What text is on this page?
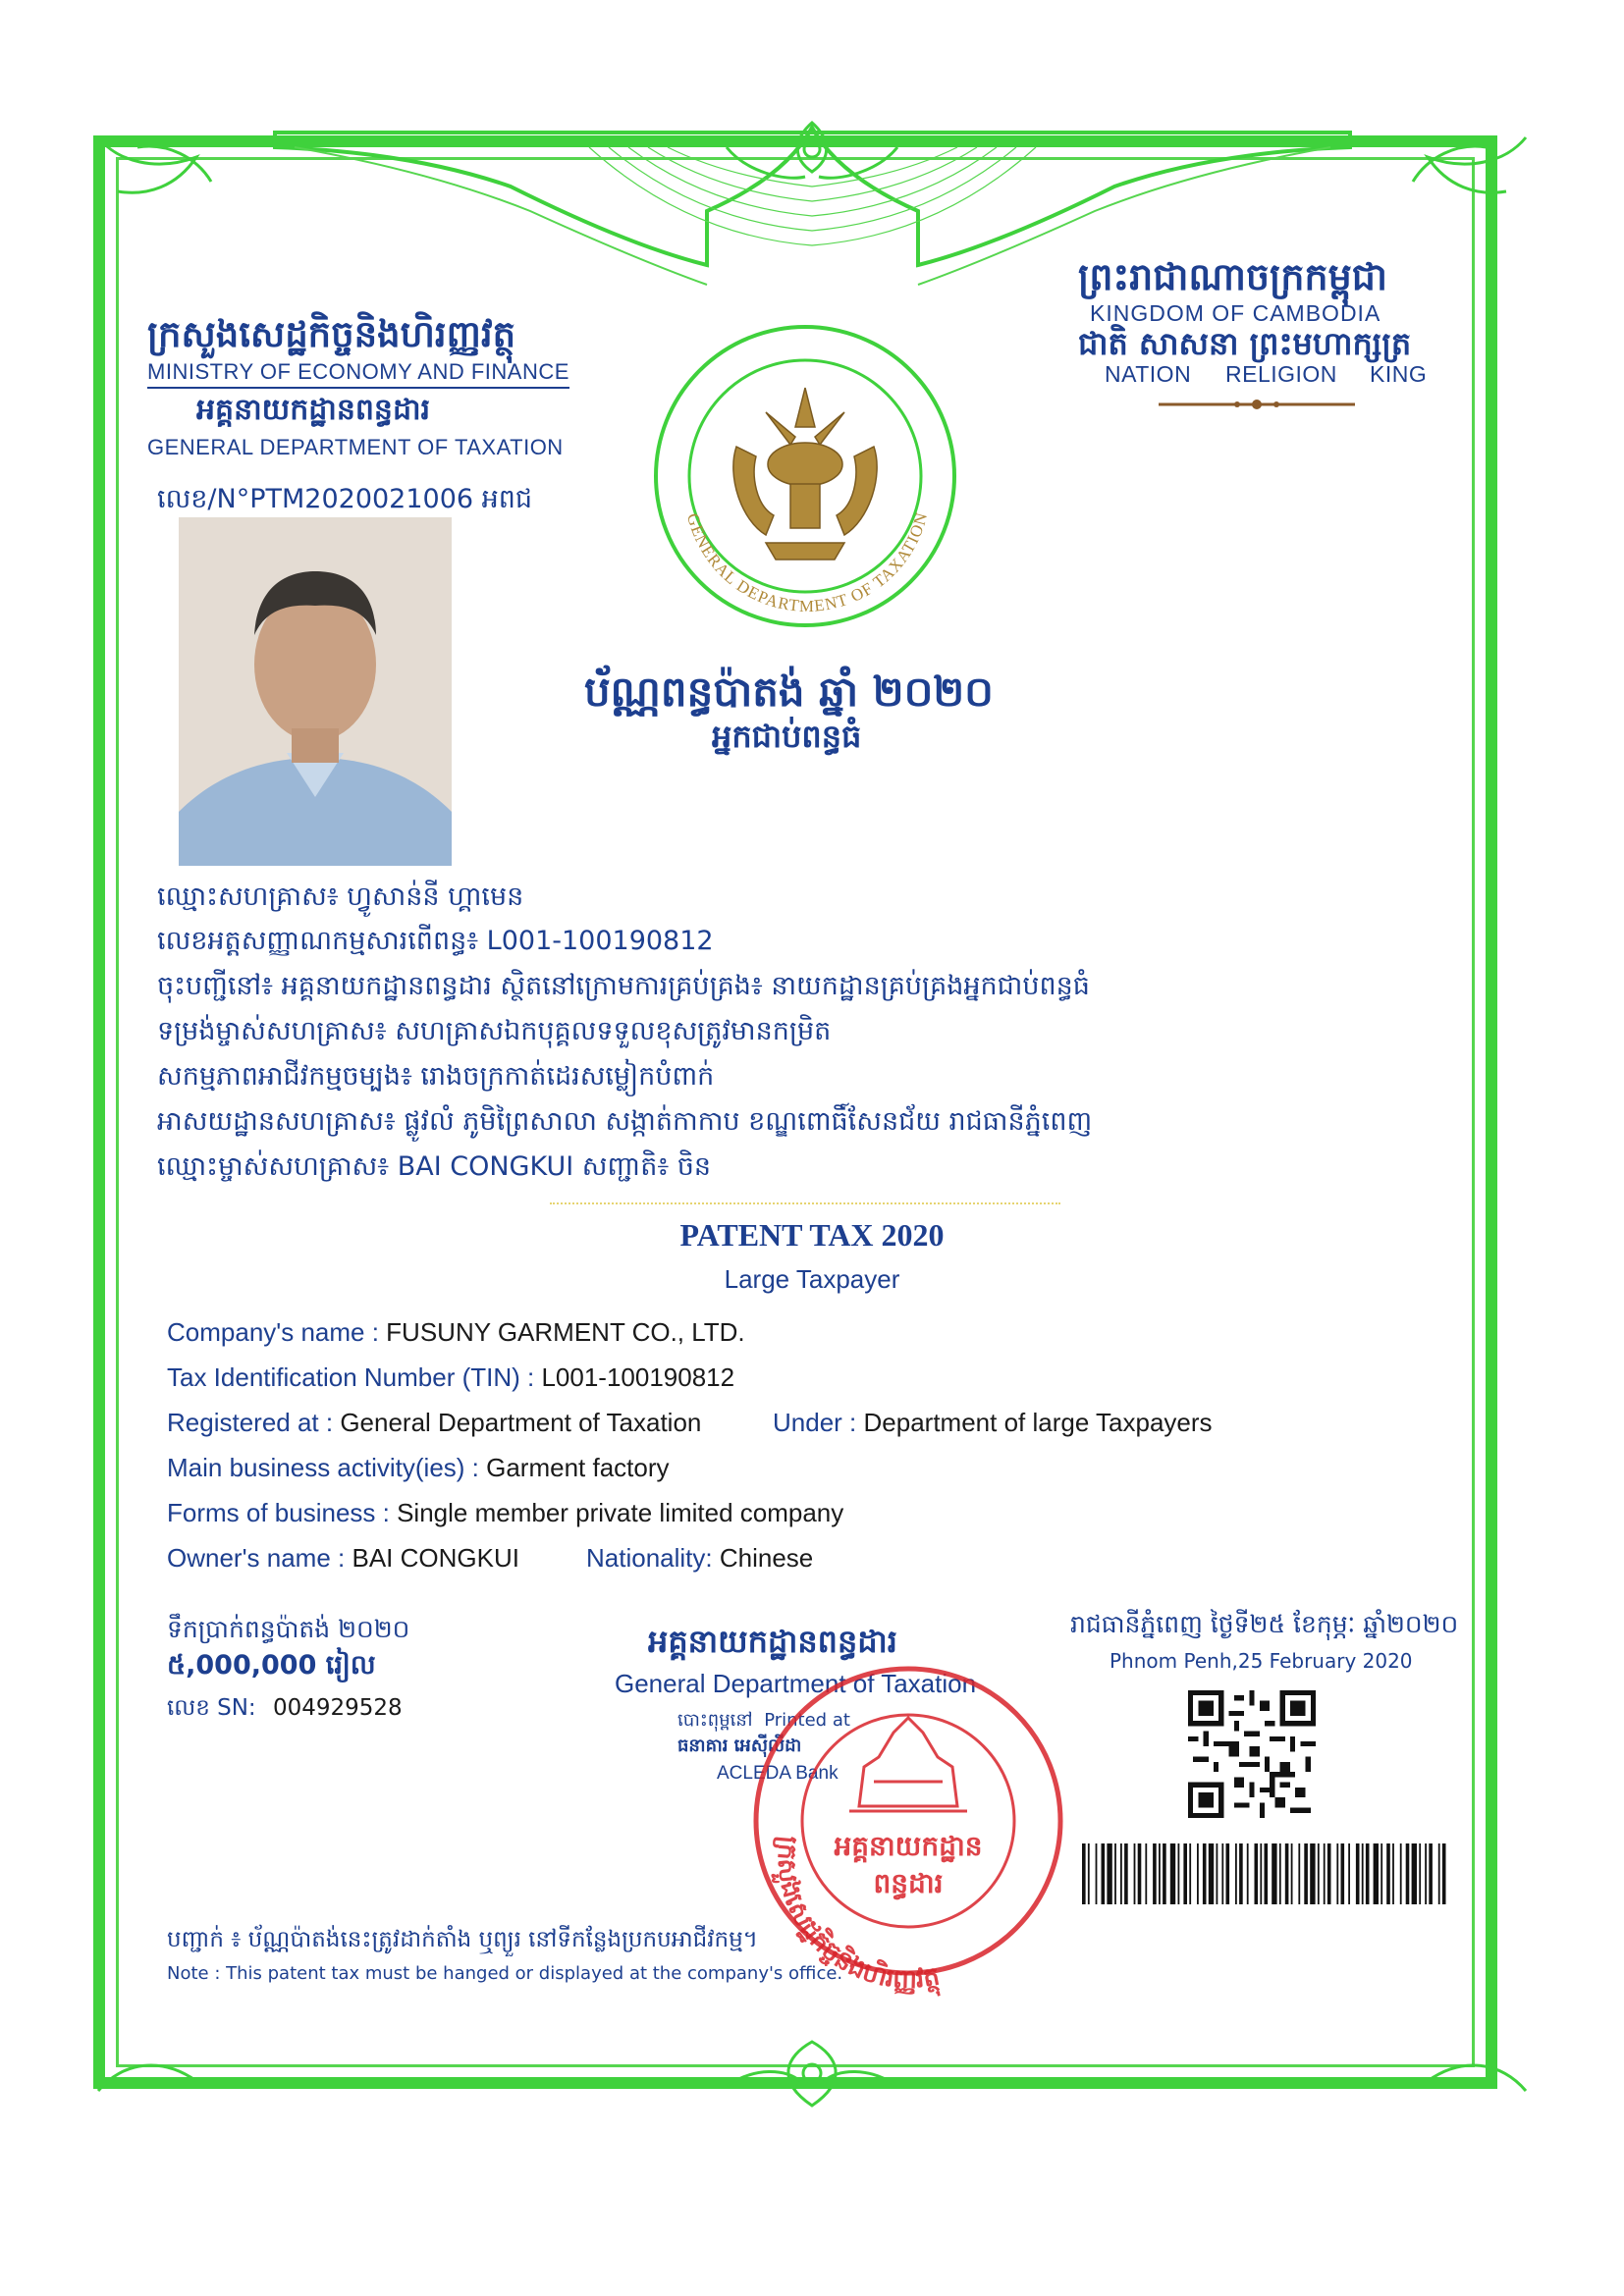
ក្រសួងសេដ្ឋកិច្ចនិងហិរញ្ញវត្ថុ
MINISTRY OF ECONOMY AND FINANCE
អគ្គនាយកដ្ឋានពន្ធដារ
GENERAL DEPARTMENT OF TAXATION
ព្រះរាជាណាចក្រកម្ពុជា
KINGDOM OF CAMBODIA
ជាតិ សាសនា ព្រះមហាក្សត្រ
NATION RELIGION KING
GENERAL DEPARTMENT OF TAXATION
លេខ/N°PTM2020021006 អពជ
ប័ណ្ណពន្ធប៉ាតង់ ឆ្នាំ ២០២០
អ្នកជាប់ពន្ធធំ
ឈ្មោះសហគ្រាស៖ ហ្វូសាន់នី ហ្គាមេន
លេខអត្តសញ្ញាណកម្មសារពើពន្ធ៖ L001-100190812
ចុះបញ្ជីនៅ៖ អគ្គនាយកដ្ឋានពន្ធដារ ស្ថិតនៅក្រោមការគ្រប់គ្រង៖ នាយកដ្ឋានគ្រប់គ្រងអ្នកជាប់ពន្ធធំ
ទម្រង់ម្ចាស់សហគ្រាស៖ សហគ្រាសឯកបុគ្គលទទួលខុសត្រូវមានកម្រិត
សកម្មភាពអាជីវកម្មចម្បង៖ រោងចក្រកាត់ដេរសម្លៀកបំពាក់
អាសយដ្ឋានសហគ្រាស៖ ផ្លូវលំ ភូមិព្រៃសាលា សង្កាត់កាកាប ខណ្ឌពោធិ៍សែនជ័យ រាជធានីភ្នំពេញ
ឈ្មោះម្ចាស់សហគ្រាស៖ BAI CONGKUI សញ្ជាតិ៖ ចិន
PATENT TAX 2020
Large Taxpayer
Company's name : FUSUNY GARMENT CO., LTD.
Tax Identification Number (TIN) : L001-100190812
Registered at : General Department of Taxation	Under : Department of large Taxpayers
Main business activity(ies) : Garment factory
Forms of business : Single member private limited company
Owner's name : BAI CONGKUI	Nationality: Chinese
ទឹកប្រាក់ពន្ធប៉ាតង់ ២០២០
៥,000,000 រៀល
លេខ SN: 004929528
អគ្គនាយកដ្ឋានពន្ធដារ
General Department of Taxation
បោះពុម្ពនៅ Printed at
ធនាគារ អេស៊ីលីដា
ACLEDA Bank
ក្រសួងសេដ្ឋកិច្ចនិងហិរញ្ញវត្ថុ
អគ្គនាយកដ្ឋាន
ពន្ធដារ
រាជធានីភ្នំពេញ ថ្ងៃទី២៥ ខែកុម្ភៈ ឆ្នាំ២០២០
Phnom Penh,25 February 2020
បញ្ជាក់ ៖ ប័ណ្ណប៉ាតង់នេះត្រូវដាក់តាំង ឬព្យួរ នៅទីកន្លែងប្រកបអាជីវកម្ម។
Note : This patent tax must be hanged or displayed at the company's office.
